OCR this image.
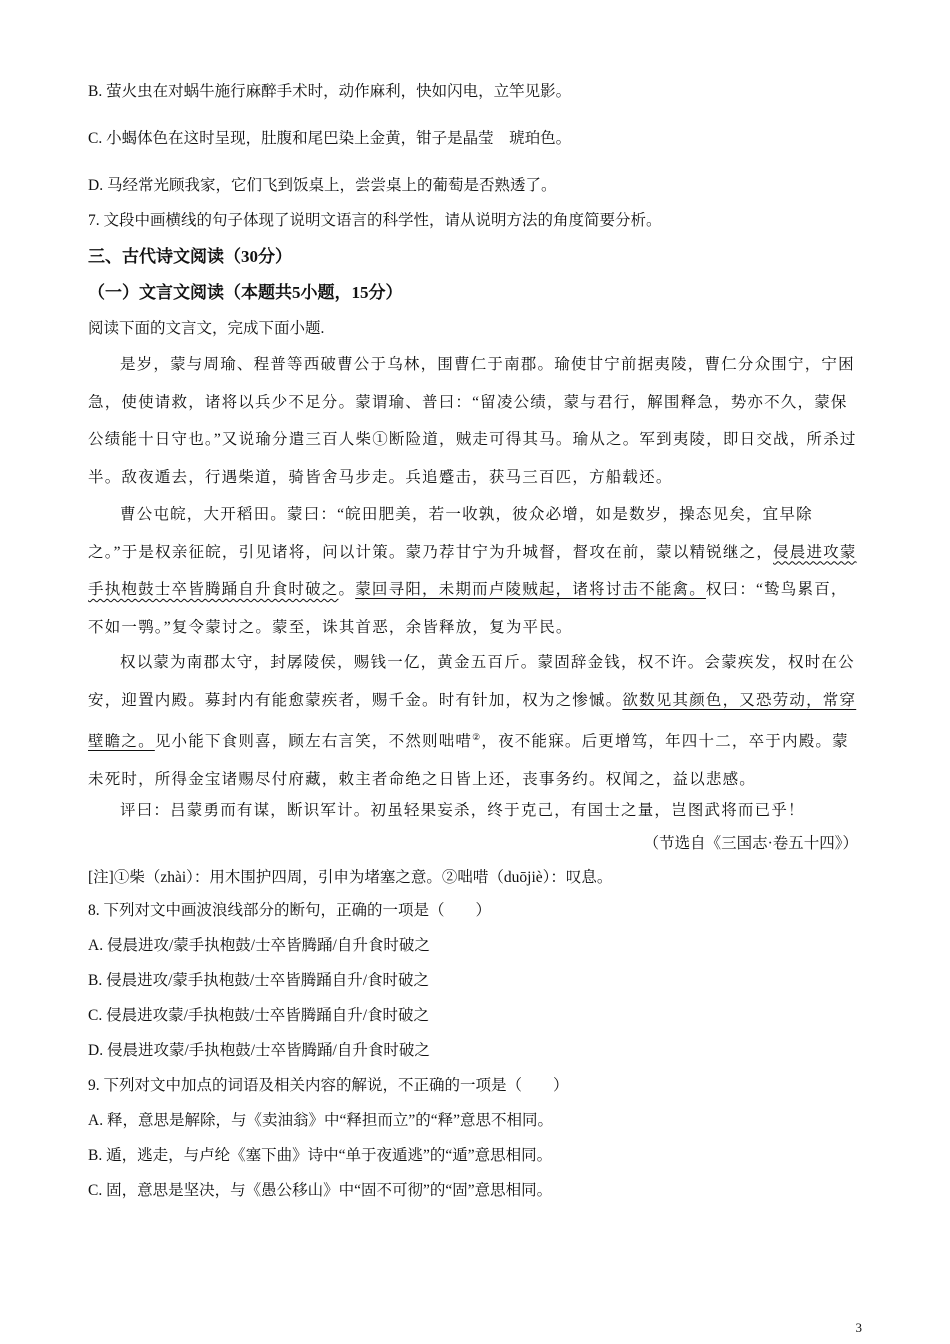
B. 萤火虫在对蜗牛施行麻醉手术时，动作麻利，快如闪电，立竿见影。
C. 小蝎体色在这时呈现，肚腹和尾巴染上金黄，钳子是晶莹　琥珀色。
D. 马经常光顾我家，它们飞到饭桌上，尝尝桌上的葡萄是否熟透了。
7. 文段中画横线的句子体现了说明文语言的科学性，请从说明方法的角度简要分析。
三、古代诗文阅读（30分）
（一）文言文阅读（本题共5小题，15分）
阅读下面的文言文，完成下面小题.
是岁，蒙与周瑜、程普等西破曹公于乌林，围曹仁于南郡。瑜使甘宁前据夷陵，曹仁分众围宁，宁困急，使使请救，诸将以兵少不足分。蒙谓瑜、普曰：“留凌公绩，蒙与君行，解围释 ·急，势亦不久，蒙保公绩能十日守也。”又说瑜分遣三百人柴①断险道，贼走可得其马。瑜从之。军到夷陵，即日交战，所杀过半。敌夜遁 ·去，行遇柴道，骑皆舍马步走。兵追蹙击，获马三百匹，方船载还。
曹公屯皖，大开稻田。蒙曰：“皖田肥美，若一收孰，彼众必增，如是数岁，操态见矣，宜早除之。”于是权亲征皖，引见诸将，问以计策。蒙乃荐甘宁为升城督，督攻在前，蒙以精锐继之，侵晨进攻蒙手执枹鼓士卒皆腾踊自升食时破之。蒙回寻阳，未期而卢陵贼起，诸将讨击不能禽。权曰：“鸷鸟累百，不如一鹗。”复令蒙讨之。蒙至，诛其首恶，余皆释放，复为平民。
权以蒙为南郡太守，封孱陵侯，赐钱一亿，黄金五百斤。蒙固 ·辞金钱，权不许。会蒙疾发，权时在公安，迎置内殿。募封内有能愈蒙疾者，赐千金。时有针加，权为之惨慽。欲数见其颜色，又恐劳动，常穿壁瞻之。见小能下食则喜，顾左右言笑，不然则咄唶②，夜不能寐。后更增笃，年四十二，卒于内殿。蒙未死时，所得金宝诸赐尽付府藏，敕主者命绝之日皆上还，丧事务约。权闻之，益以悲感。
评曰：吕蒙勇而有谋，断识军计。初虽轻果妄杀，终于克 ·己，有国士之量，岂图武将而已乎！
（节选自《三国志·卷五十四》）
[注]①柴（zhài）：用木围护四周，引申为堵塞之意。②咄唶（duōjiè）：叹息。
8. 下列对文中画波浪线部分的断句，正确的一项是（　　）
A. 侵晨进攻/蒙手执枹鼓/士卒皆腾踊/自升食时破之
B. 侵晨进攻/蒙手执枹鼓/士卒皆腾踊自升/食时破之
C. 侵晨进攻蒙/手执枹鼓/士卒皆腾踊自升/食时破之
D. 侵晨进攻蒙/手执枹鼓/士卒皆腾踊/自升食时破之
9. 下列对文中加点的词语及相关内容的解说，不正确的一项是（　　）
A. 释，意思是解除，与《卖油翁》中“释担而立”的“释”意思不相同。
B. 遁，逃走，与卢纶《塞下曲》诗中“单于夜遁逃”的“遁”意思相同。
C. 固，意思是坚决，与《愚公移山》中“固不可彻”的“固”意思相同。
3
